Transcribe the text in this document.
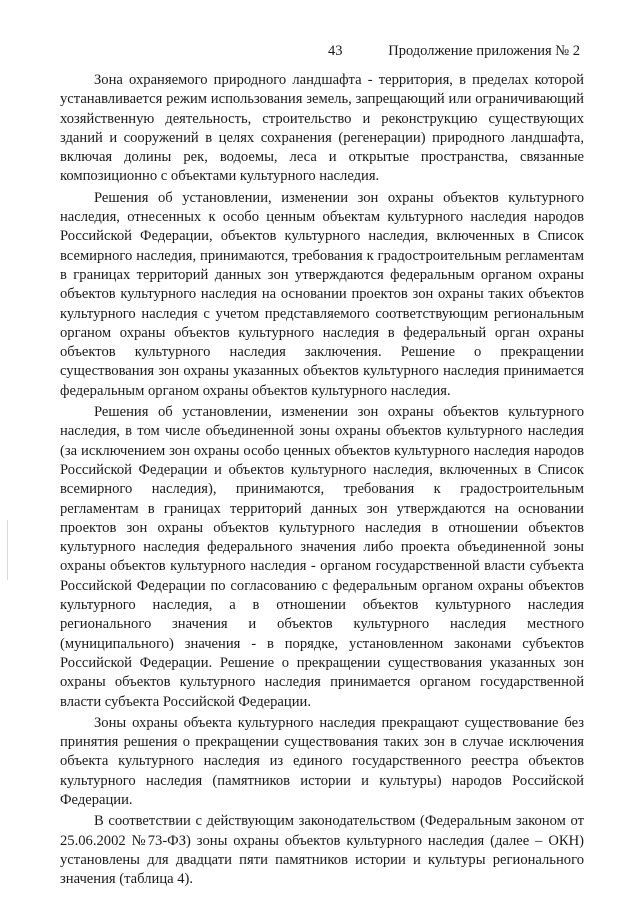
43	Продолжение приложения № 2

Зона охраняемого природного ландшафта - территория, в пределах которой устанавливается режим использования земель, запрещающий или ограничивающий хозяйственную деятельность, строительство и реконструкцию существующих зданий и сооружений в целях сохранения (регенерации) природного ландшафта, включая долины рек, водоемы, леса и открытые пространства, связанные композиционно с объектами культурного наследия.

Решения об установлении, изменении зон охраны объектов культурного наследия, отнесенных к особо ценным объектам культурного наследия народов Российской Федерации, объектов культурного наследия, включенных в Список всемирного наследия, принимаются, требования к градостроительным регламентам в границах территорий данных зон утверждаются федеральным органом охраны объектов культурного наследия на основании проектов зон охраны таких объектов культурного наследия с учетом представляемого соответствующим региональным органом охраны объектов культурного наследия в федеральный орган охраны объектов культурного наследия заключения. Решение о прекращении существования зон охраны указанных объектов культурного наследия принимается федеральным органом охраны объектов культурного наследия.

Решения об установлении, изменении зон охраны объектов культурного наследия, в том числе объединенной зоны охраны объектов культурного наследия (за исключением зон охраны особо ценных объектов культурного наследия народов Российской Федерации и объектов культурного наследия, включенных в Список всемирного наследия), принимаются, требования к градостроительным регламентам в границах территорий данных зон утверждаются на основании проектов зон охраны объектов культурного наследия в отношении объектов культурного наследия федерального значения либо проекта объединенной зоны охраны объектов культурного наследия - органом государственной власти субъекта Российской Федерации по согласованию с федеральным органом охраны объектов культурного наследия, а в отношении объектов культурного наследия регионального значения и объектов культурного наследия местного (муниципального) значения - в порядке, установленном законами субъектов Российской Федерации. Решение о прекращении существования указанных зон охраны объектов культурного наследия принимается органом государственной власти субъекта Российской Федерации.

Зоны охраны объекта культурного наследия прекращают существование без принятия решения о прекращении существования таких зон в случае исключения объекта культурного наследия из единого государственного реестра объектов культурного наследия (памятников истории и культуры) народов Российской Федерации.

В соответствии с действующим законодательством (Федеральным законом от 25.06.2002 №73-ФЗ) зоны охраны объектов культурного наследия (далее – ОКН) установлены для двадцати пяти памятников истории и культуры регионального значения (таблица 4).
